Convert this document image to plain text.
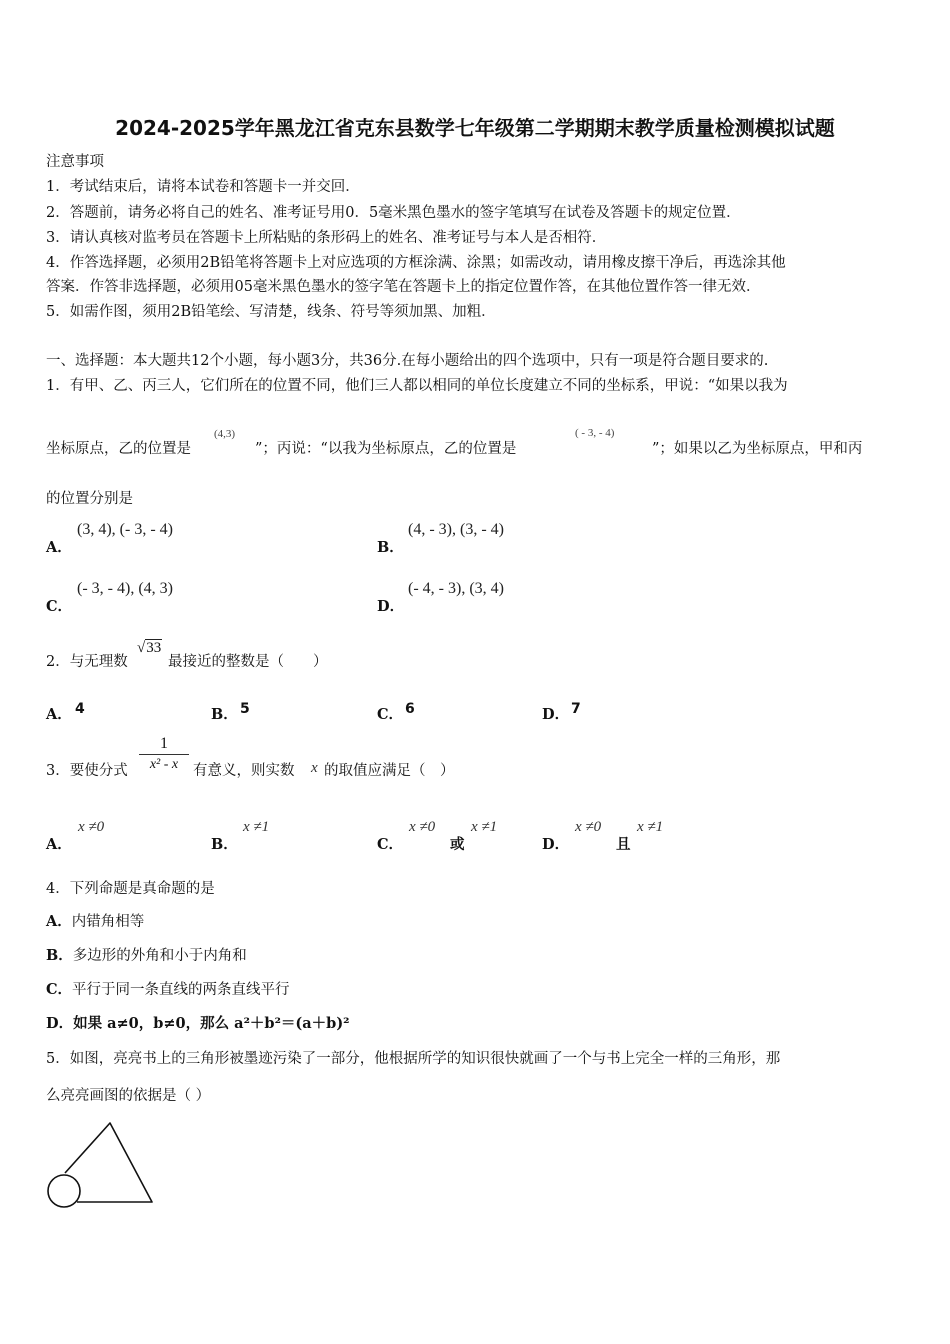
2024-2025学年黑龙江省克东县数学七年级第二学期期末教学质量检测模拟试题
注意事项
1．考试结束后，请将本试卷和答题卡一并交回．
2．答题前，请务必将自己的姓名、准考证号用0．5毫米黑色墨水的签字笔填写在试卷及答题卡的规定位置．
3．请认真核对监考员在答题卡上所粘贴的条形码上的姓名、准考证号与本人是否相符．
4．作答选择题，必须用2B铅笔将答题卡上对应选项的方框涂满、涂黑；如需改动，请用橡皮擦干净后，再选涂其他
答案．作答非选择题，必须用05毫米黑色墨水的签字笔在答题卡上的指定位置作答，在其他位置作答一律无效．
5．如需作图，须用2B铅笔绘、写清楚，线条、符号等须加黑、加粗．
一、选择题：本大题共12个小题，每小题3分，共36分.在每小题给出的四个选项中，只有一项是符合题目要求的.
1．有甲、乙、丙三人，它们所在的位置不同，他们三人都以相同的单位长度建立不同的坐标系，甲说：“如果以我为
坐标原点，乙的位置是
(4,3)
”；丙说：“以我为坐标原点，乙的位置是
( - 3, - 4)
”；如果以乙为坐标原点，甲和丙
的位置分别是
A．
(3, 4), (- 3, - 4)
B．
(4, - 3), (3, - 4)
C．
(- 3, - 4), (4, 3)
D．
(- 4, - 3), (3, 4)
2．与无理数
√33
最接近的整数是（　　）
A． 4	B． 5	C． 6	D． 7
3．要使分式
1
x² - x	有意义，则实数 x 的取值应满足（　）
A．
x ≠0
B．
x ≠1
C．
x ≠0
或
x ≠1
D．
x ≠0
且
x ≠1
4．下列命题是真命题的是
A．内错角相等
B．多边形的外角和小于内角和
C．平行于同一条直线的两条直线平行
D．如果 a≠0，b≠0，那么 a²＋b²＝(a＋b)²
5．如图，亮亮书上的三角形被墨迹污染了一部分，他根据所学的知识很快就画了一个与书上完全一样的三角形，那
么亮亮画图的依据是（ ）
